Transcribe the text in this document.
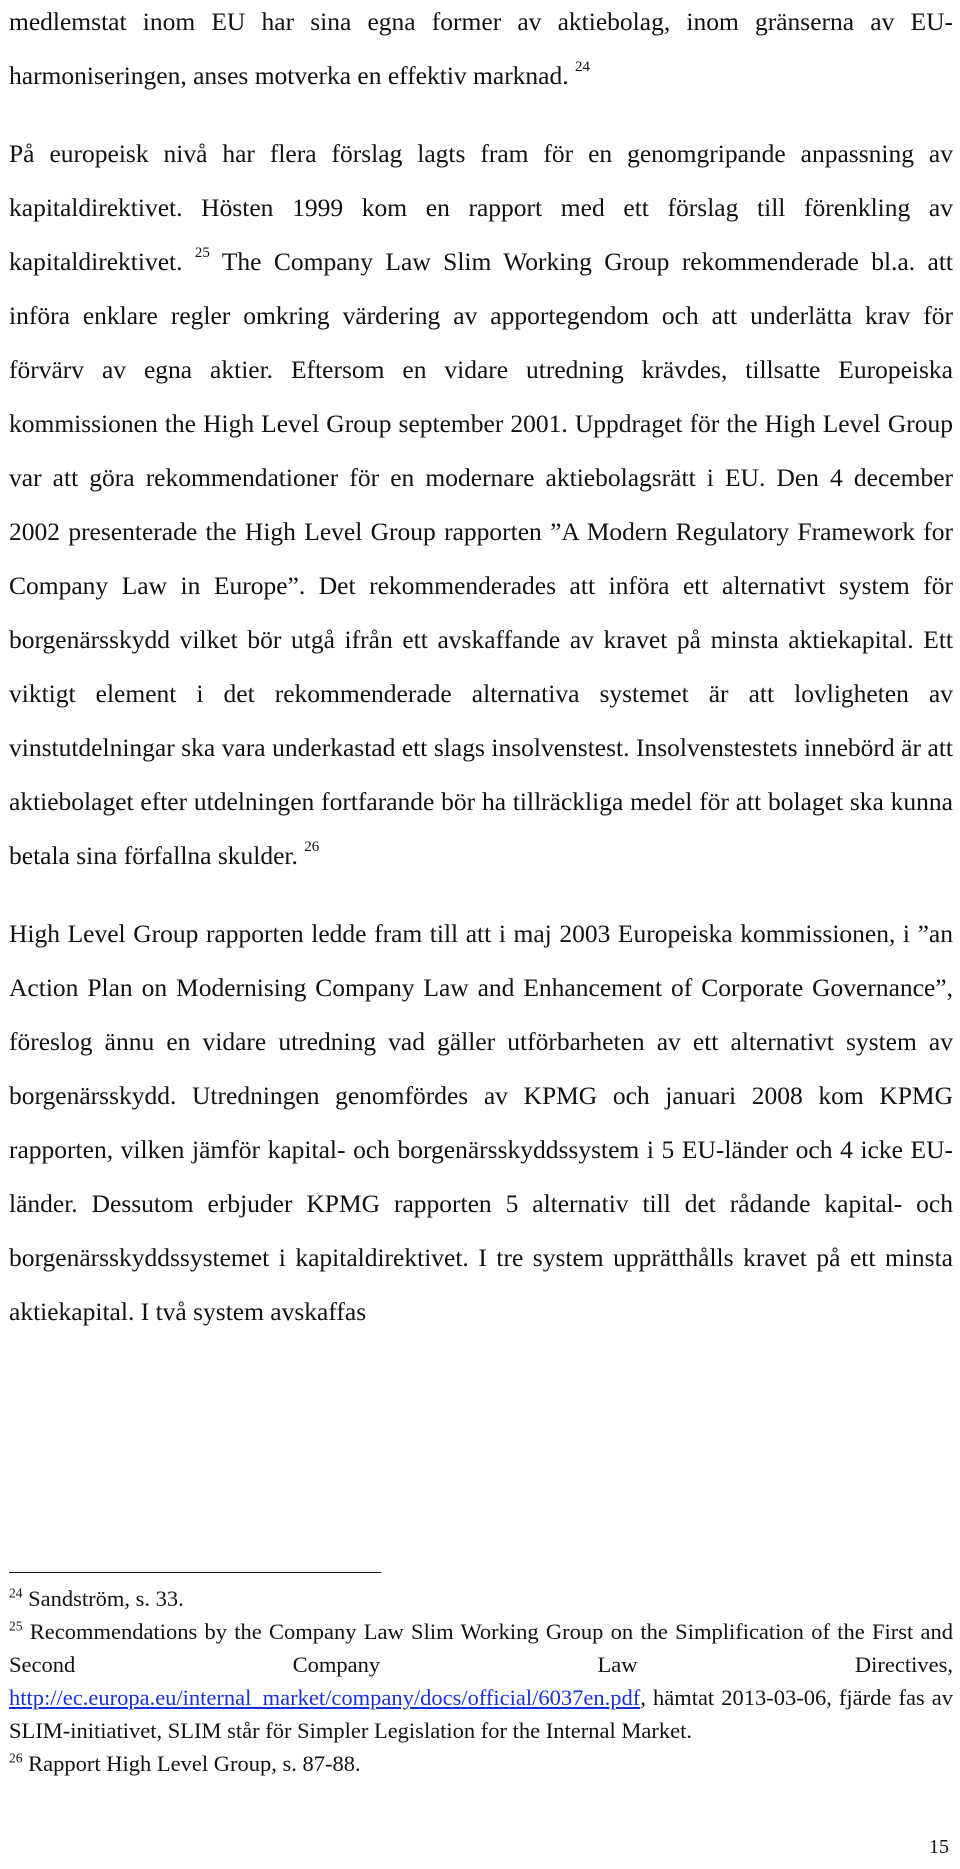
medlemstat inom EU har sina egna former av aktiebolag, inom gränserna av EU-harmoniseringen, anses motverka en effektiv marknad. $^{24}$

På europeisk nivå har flera förslag lagts fram för en genomgripande anpassning av kapitaldirektivet. Hösten 1999 kom en rapport med ett förslag till förenkling av kapitaldirektivet. $^{25}$ The Company Law Slim Working Group rekommenderade bl.a. att införa enklare regler omkring värdering av apportegendom och att underlätta krav för förvärv av egna aktier. Eftersom en vidare utredning krävdes, tillsatte Europeiska kommissionen the High Level Group september 2001. Uppdraget för the High Level Group var att göra rekommendationer för en modernare aktiebolagsrätt i EU. Den 4 december 2002 presenterade the High Level Group rapporten ”A Modern Regulatory Framework for Company Law in Europe”. Det rekommenderades att införa ett alternativt system för borgenärsskydd vilket bör utgå ifrån ett avskaffande av kravet på minsta aktiekapital. Ett viktigt element i det rekommenderade alternativa systemet är att lovligheten av vinstutdelningar ska vara underkastad ett slags insolvenstest. Insolvenstestets innebörd är att aktiebolaget efter utdelningen fortfarande bör ha tillräckliga medel för att bolaget ska kunna betala sina förfallna skulder. $^{26}$

High Level Group rapporten ledde fram till att i maj 2003 Europeiska kommissionen, i ”an Action Plan on Modernising Company Law and Enhancement of Corporate Governance”, föreslog ännu en vidare utredning vad gäller utförbarheten av ett alternativt system av borgenärsskydd. Utredningen genomfördes av KPMG och januari 2008 kom KPMG rapporten, vilken jämför kapital- och borgenärsskyddssystem i 5 EU-länder och 4 icke EU-länder. Dessutom erbjuder KPMG rapporten 5 alternativ till det rådande kapital- och borgenärsskyddssystemet i kapitaldirektivet. I tre system upprätthålls kravet på ett minsta aktiekapital. I två system avskaffas

$^{24}$ Sandström, s. 33.

$^{25}$ Recommendations by the Company Law Slim Working Group on the Simplification of the First and Second Company Law Directives, http://ec.europa.eu/internal_market/company/docs/official/6037en.pdf, hämtat 2013-03-06, fjärde fas av SLIM-initiativet, SLIM står för Simpler Legislation for the Internal Market.

$^{26}$ Rapport High Level Group, s. 87-88.

15
